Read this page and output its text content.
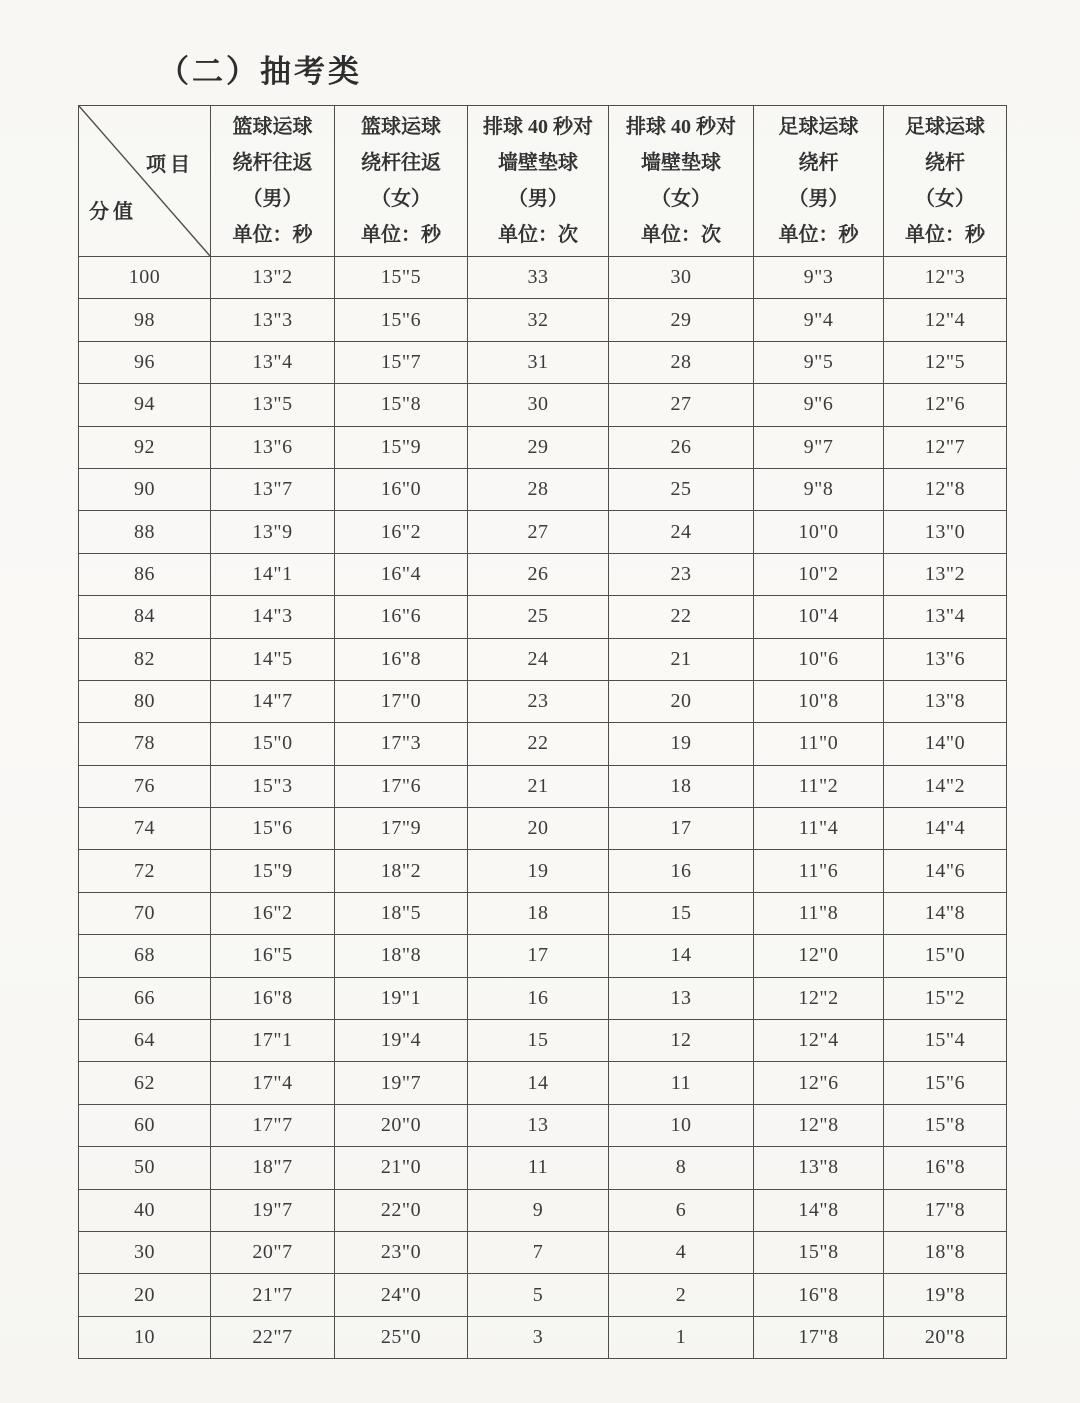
（二）抽考类
项目
分值

篮球运球
绕杆往返
（男）
单位：秒

篮球运球
绕杆往返
（女）
单位：秒

排球 40 秒对
墙壁垫球
（男）
单位：次

排球 40 秒对
墙壁垫球
（女）
单位：次

足球运球
绕杆
（男）
单位：秒

足球运球
绕杆
（女）
单位：秒

100	13"2	15"5	33	30	9"3	12"3
98	13"3	15"6	32	29	9"4	12"4
96	13"4	15"7	31	28	9"5	12"5
94	13"5	15"8	30	27	9"6	12"6
92	13"6	15"9	29	26	9"7	12"7
90	13"7	16"0	28	25	9"8	12"8
88	13"9	16"2	27	24	10"0	13"0
86	14"1	16"4	26	23	10"2	13"2
84	14"3	16"6	25	22	10"4	13"4
82	14"5	16"8	24	21	10"6	13"6
80	14"7	17"0	23	20	10"8	13"8
78	15"0	17"3	22	19	11"0	14"0
76	15"3	17"6	21	18	11"2	14"2
74	15"6	17"9	20	17	11"4	14"4
72	15"9	18"2	19	16	11"6	14"6
70	16"2	18"5	18	15	11"8	14"8
68	16"5	18"8	17	14	12"0	15"0
66	16"8	19"1	16	13	12"2	15"2
64	17"1	19"4	15	12	12"4	15"4
62	17"4	19"7	14	11	12"6	15"6
60	17"7	20"0	13	10	12"8	15"8
50	18"7	21"0	11	8	13"8	16"8
40	19"7	22"0	9	6	14"8	17"8
30	20"7	23"0	7	4	15"8	18"8
20	21"7	24"0	5	2	16"8	19"8
10	22"7	25"0	3	1	17"8	20"8
